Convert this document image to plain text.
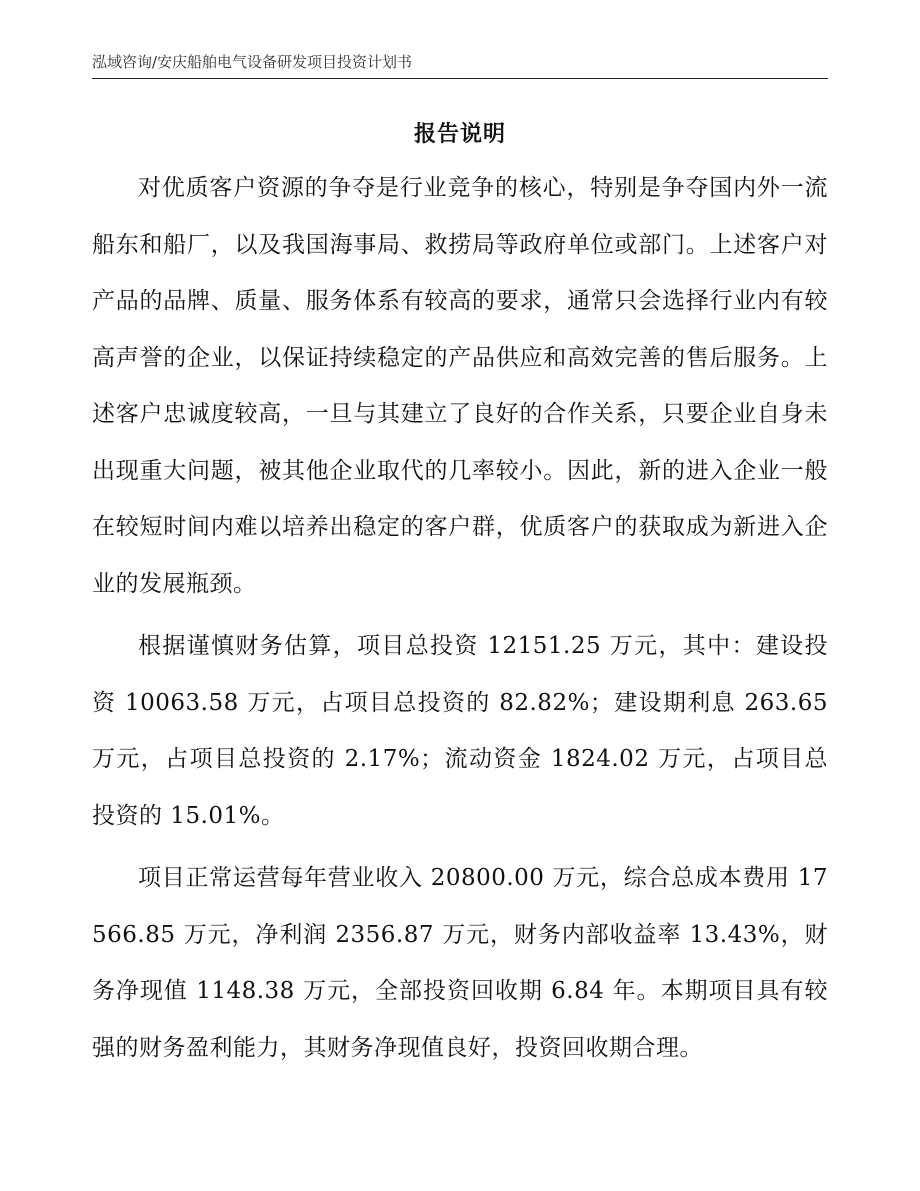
泓域咨询/安庆船舶电气设备研发项目投资计划书
报告说明

对优质客户资源的争夺是行业竞争的核心，特别是争夺国内外一流船东和船厂，以及我国海事局、救捞局等政府单位或部门。上述客户对产品的品牌、质量、服务体系有较高的要求，通常只会选择行业内有较高声誉的企业，以保证持续稳定的产品供应和高效完善的售后服务。上述客户忠诚度较高，一旦与其建立了良好的合作关系，只要企业自身未出现重大问题，被其他企业取代的几率较小。因此，新的进入企业一般在较短时间内难以培养出稳定的客户群，优质客户的获取成为新进入企业的发展瓶颈。

根据谨慎财务估算，项目总投资 12151.25 万元，其中：建设投资 10063.58 万元，占项目总投资的 82.82%；建设期利息 263.65 万元，占项目总投资的 2.17%；流动资金 1824.02 万元，占项目总投资的 15.01%。

项目正常运营每年营业收入 20800.00 万元，综合总成本费用 17566.85 万元，净利润 2356.87 万元，财务内部收益率 13.43%，财务净现值 1148.38 万元，全部投资回收期 6.84 年。本期项目具有较强的财务盈利能力，其财务净现值良好，投资回收期合理。
